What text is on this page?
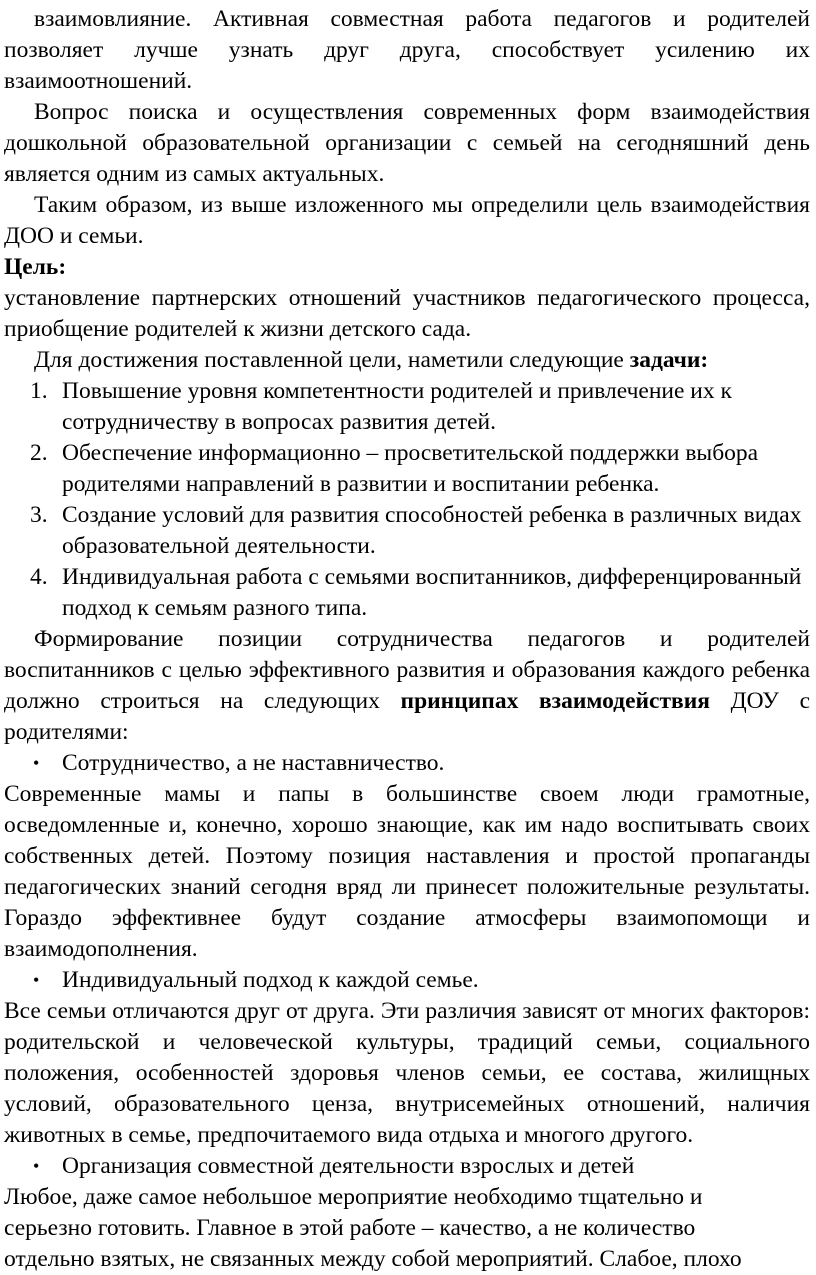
взаимовлияние. Активная совместная работа педагогов и родителей позволяет лучше узнать друг друга, способствует усилению их взаимоотношений.

Вопрос поиска и осуществления современных форм взаимодействия дошкольной образовательной организации с семьей на сегодняшний день является одним из самых актуальных.

Таким образом, из выше изложенного мы определили цель взаимодействия ДОО и семьи.

Цель:

установление партнерских отношений участников педагогического процесса, приобщение родителей к жизни детского сада.

Для достижения поставленной цели, наметили следующие задачи:

1. Повышение уровня компетентности родителей и привлечение их к сотрудничеству в вопросах развития детей.
2. Обеспечение информационно – просветительской поддержки выбора родителями направлений в развитии и воспитании ребенка.
3. Создание условий для развития способностей ребенка в различных видах образовательной деятельности.
4. Индивидуальная работа с семьями воспитанников, дифференцированный подход к семьям разного типа.

Формирование позиции сотрудничества педагогов и родителей воспитанников с целью эффективного развития и образования каждого ребенка должно строиться на следующих принципах взаимодействия ДОУ с родителями:

• Сотрудничество, а не наставничество.

Современные мамы и папы в большинстве своем люди грамотные, осведомленные и, конечно, хорошо знающие, как им надо воспитывать своих собственных детей. Поэтому позиция наставления и простой пропаганды педагогических знаний сегодня вряд ли принесет положительные результаты. Гораздо эффективнее будут создание атмосферы взаимопомощи и взаимодополнения.

• Индивидуальный подход к каждой семье.

Все семьи отличаются друг от друга. Эти различия зависят от многих факторов: родительской и человеческой культуры, традиций семьи, социального положения, особенностей здоровья членов семьи, ее состава, жилищных условий, образовательного ценза, внутрисемейных отношений, наличия животных в семье, предпочитаемого вида отдыха и многого другого.

• Организация совместной деятельности взрослых и детей

Любое, даже самое небольшое мероприятие необходимо тщательно и

серьезно готовить. Главное в этой работе – качество, а не количество

отдельно взятых, не связанных между собой мероприятий. Слабое, плохо
